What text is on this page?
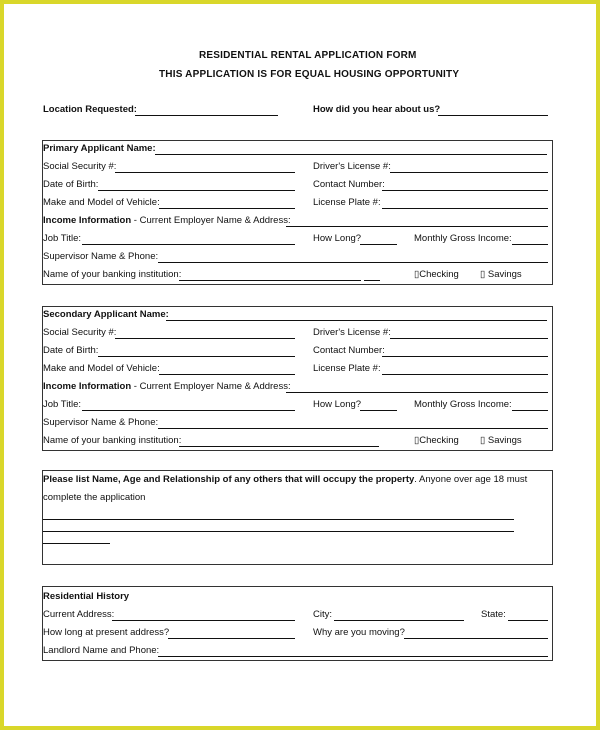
RESIDENTIAL RENTAL APPLICATION FORM
THIS APPLICATION IS FOR EQUAL HOUSING OPPORTUNITY
Location Requested:	How did you hear about us?
Primary Applicant Name:
Social Security #:	Driver's License #:
Date of Birth:	Contact Number:
Make and Model of Vehicle:	License Plate #:
Income Information - Current Employer Name & Address:
Job Title:	How Long?	Monthly Gross Income:
Supervisor Name & Phone:
Name of your banking institution:	▯Checking ▯ Savings
Secondary Applicant Name:
Social Security #:	Driver's License #:
Date of Birth:	Contact Number:
Make and Model of Vehicle:	License Plate #:
Income Information - Current Employer Name & Address:
Job Title:	How Long?	Monthly Gross Income:
Supervisor Name & Phone:
Name of your banking institution:	▯Checking ▯ Savings
Please list Name, Age and Relationship of any others that will occupy the property. Anyone over age 18 must
complete the application
Residential History
Current Address:	City:	State:
How long at present address?	Why are you moving?
Landlord Name and Phone:
